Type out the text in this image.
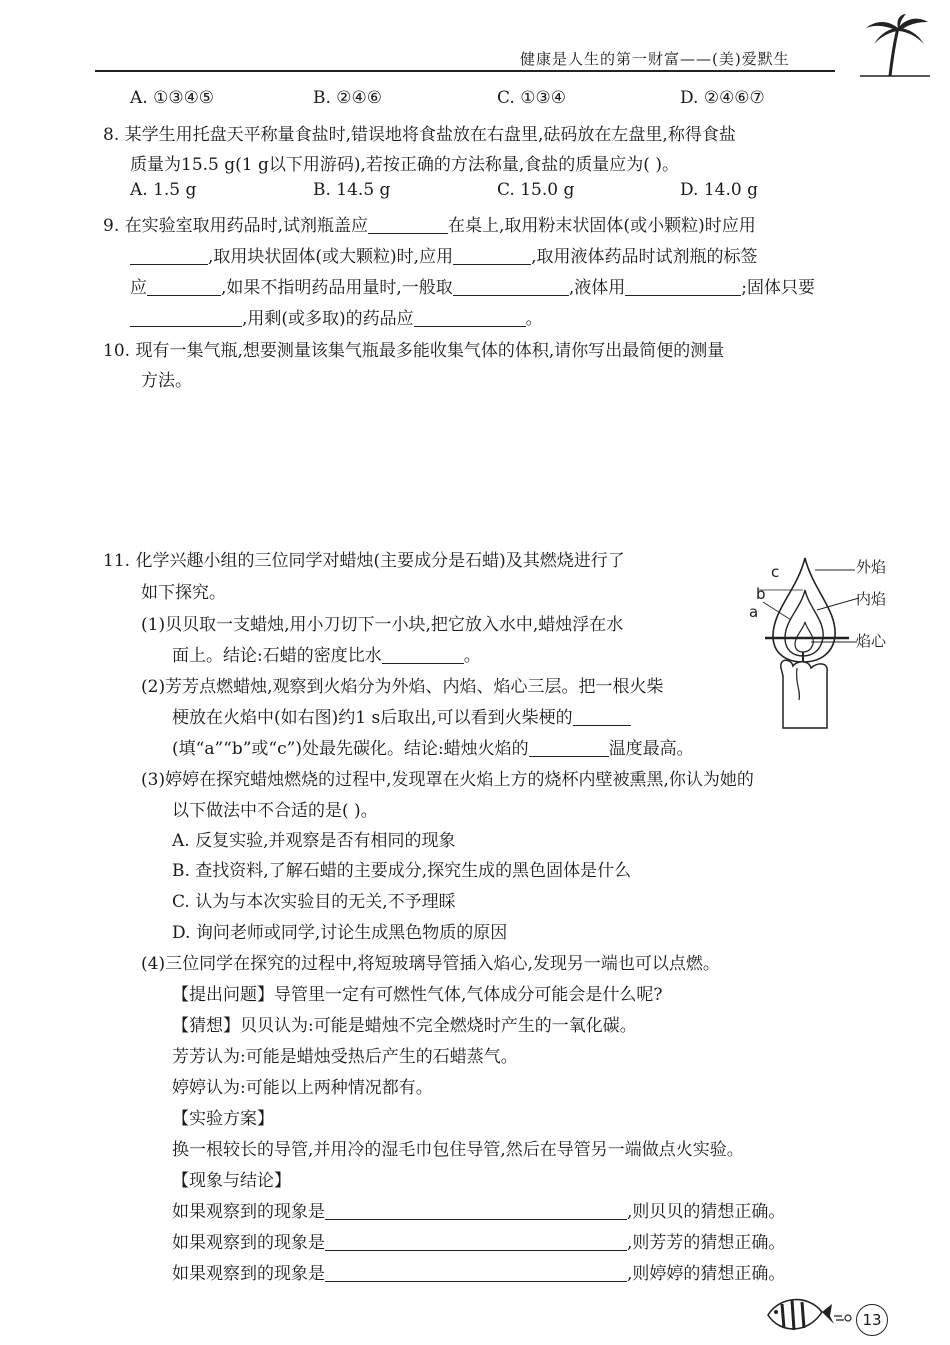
健康是人生的第一财富——(美)爱默生
A. ①③④⑤	B. ②④⑥	C. ①③④	D. ②④⑥⑦
8. 某学生用托盘天平称量食盐时,错误地将食盐放在右盘里,砝码放在左盘里,称得食盐
质量为15.5 g(1 g以下用游码),若按正确的方法称量,食盐的质量应为( )。
A. 1.5 g	B. 14.5 g	C. 15.0 g	D. 14.0 g
9. 在实验室取用药品时,试剂瓶盖应	在桌上,取用粉末状固体(或小颗粒)时应用
,取用块状固体(或大颗粒)时,应用	,取用液体药品时试剂瓶的标签
应	,如果不指明药品用量时,一般取	,液体用	;固体只要
,用剩(或多取)的药品应	。
10. 现有一集气瓶,想要测量该集气瓶最多能收集气体的体积,请你写出最简便的测量
方法。
11. 化学兴趣小组的三位同学对蜡烛(主要成分是石蜡)及其燃烧进行了
如下探究。
(1)贝贝取一支蜡烛,用小刀切下一小块,把它放入水中,蜡烛浮在水
面上。结论:石蜡的密度比水	。
(2)芳芳点燃蜡烛,观察到火焰分为外焰、内焰、焰心三层。把一根火柴
梗放在火焰中(如右图)约1 s后取出,可以看到火柴梗的
(填“a”“b”或“c”)处最先碳化。结论:蜡烛火焰的	温度最高。
(3)婷婷在探究蜡烛燃烧的过程中,发现罩在火焰上方的烧杯内壁被熏黑,你认为她的
以下做法中不合适的是( )。
A. 反复实验,并观察是否有相同的现象
B. 查找资料,了解石蜡的主要成分,探究生成的黑色固体是什么
C. 认为与本次实验目的无关,不予理睬
D. 询问老师或同学,讨论生成黑色物质的原因
(4)三位同学在探究的过程中,将短玻璃导管插入焰心,发现另一端也可以点燃。
【提出问题】导管里一定有可燃性气体,气体成分可能会是什么呢?
【猜想】贝贝认为:可能是蜡烛不完全燃烧时产生的一氧化碳。
芳芳认为:可能是蜡烛受热后产生的石蜡蒸气。
婷婷认为:可能以上两种情况都有。
【实验方案】
换一根较长的导管,并用冷的湿毛巾包住导管,然后在导管另一端做点火实验。
【现象与结论】
如果观察到的现象是	,则贝贝的猜想正确。
如果观察到的现象是	,则芳芳的猜想正确。
如果观察到的现象是	,则婷婷的猜想正确。
外焰
内焰
焰心
c
b
a
13
